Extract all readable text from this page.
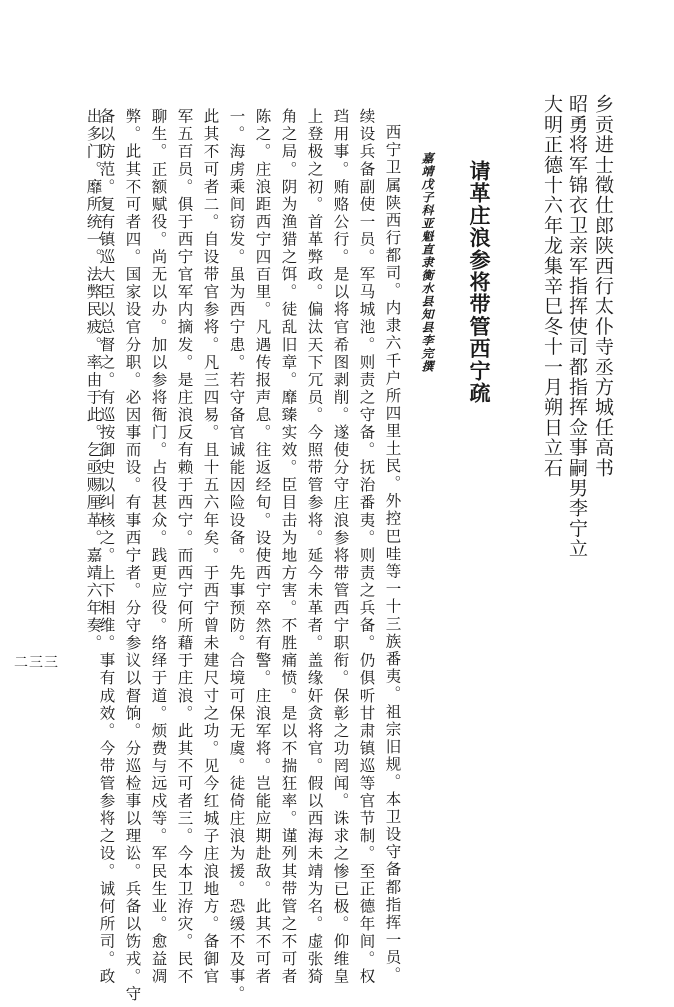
乡贡进士徵仕郎陕西行太仆寺丞方城任高书
昭勇将军锦衣卫亲军指挥使司都指挥佥事嗣男李宁立
大明正德十六年龙集辛巳冬十一月朔日立石
请革庄浪参将带管西宁疏
嘉靖戊子科亚魁直隶衡水县知县李完撰
西宁卫属陕西行都司。内隶六千户所四里土民。外控巴哇等一十三族番夷。祖宗旧规。本卫设守备都指挥一员。
续设兵备副使一员。军马城池。则责之守备。抚治番夷。则责之兵备。仍俱听甘肃镇巡等官节制。至正德年间。权
珰用事。贿赂公行。是以将官希图剥削。遂使分守庄浪参将带管西宁职衔。保彰之功罔闻。诛求之惨已极。仰维皇
上登极之初。首革弊政。偏汰天下冗员。今照带管参将。延今未革者。盖缘奸贪将官。假以西海未靖为名。虚张猗
角之局。阴为渔猎之饵。徒乱旧章。靡臻实效。臣目击为地方害。不胜痛愤。是以不揣狂率。谨列其带管之不可者
陈之。庄浪距西宁四百里。凡遇传报声息。往返经旬。设使西宁卒然有警。庄浪军将。岂能应期赴敌。此其不可者
一。海虏乘间窃发。虽为西宁患。若守备官诚能因险设备。先事预防。合境可保无虞。徒倚庄浪为援。恐缓不及事。
此其不可者二。自设带官参将。凡三四易。且十五六年矣。于西宁曾未建尺寸之功。见今红城子庄浪地方。备御官
军五百员。俱于西宁官军内摘发。是庄浪反有赖于西宁。而西宁何所藉于庄浪。此其不可者三。今本卫洊灾。民不
聊生。正额赋役。尚无以办。加以参将衙门。占役甚众。践更应役。络绎于道。烦费与远戍等。军民生业。愈益凋
弊。此其不可者四。国家设官分职。必因事而设。有事西宁者。分守参议以督饷。分巡检事以理讼。兵备以饬戎。守
备以防范。复有镇巡大臣以总督之。有巡按御史以纠核之。上下相维。事有成效。今带管参将之设。诚何所司。政
出多门。靡所统一。法弊民疲。率由于此。乞亟赐厘革。嘉靖六年奏。
二三三
